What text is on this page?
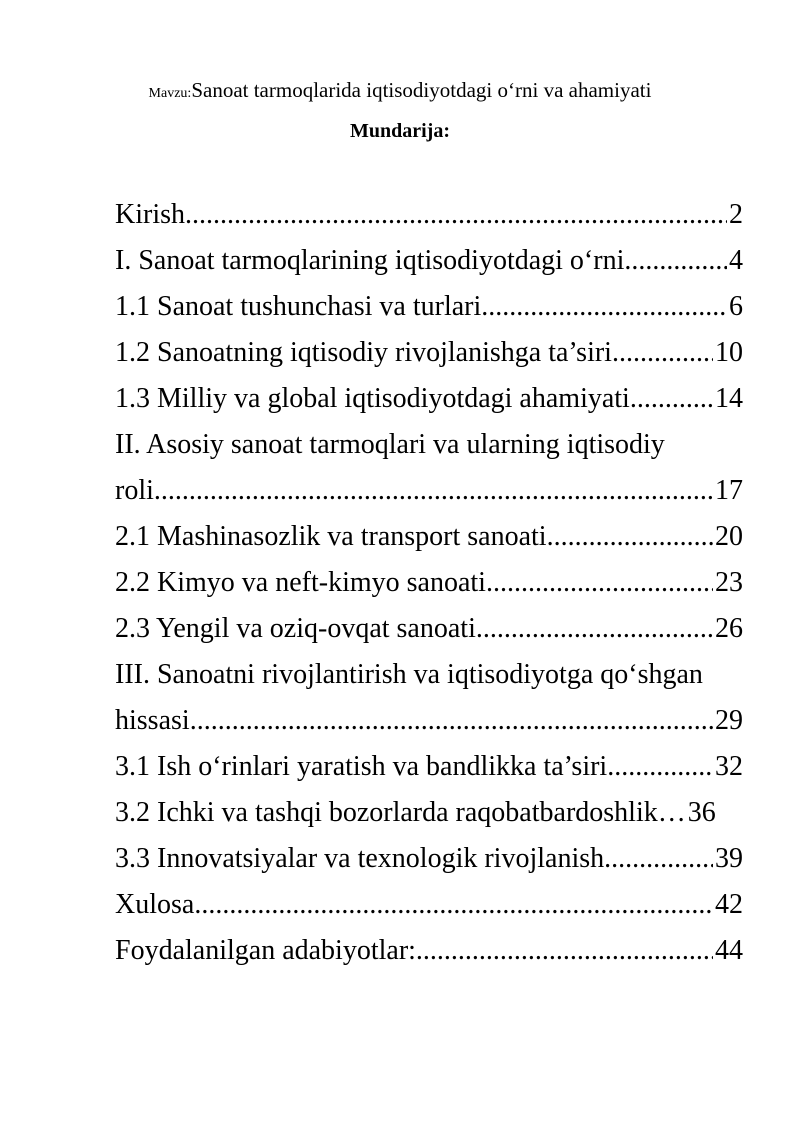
Mavzu:Sanoat tarmoqlarida iqtisodiyotdagi o‘rni va ahamiyati
Mundarija:
Kirish .....	2
I. Sanoat tarmoqlarining iqtisodiyotdagi o‘rni .....	4
1.1 Sanoat tushunchasi va turlari .....	6
1.2 Sanoatning iqtisodiy rivojlanishga ta’siri .....	10
1.3 Milliy va global iqtisodiyotdagi ahamiyati .....	14
II. Asosiy sanoat tarmoqlari va ularning iqtisodiy
roli .....	17
2.1 Mashinasozlik va transport sanoati .....	20
2.2 Kimyo va neft-kimyo sanoati .....	23
2.3 Yengil va oziq-ovqat sanoati .....	26
III. Sanoatni rivojlantirish va iqtisodiyotga qo‘shgan
hissasi .....	29
3.1 Ish o‘rinlari yaratish va bandlikka ta’siri .....	32
3.2 Ichki va tashqi bozorlarda raqobatbardoshlik… 36
3.3 Innovatsiyalar va texnologik rivojlanish .....	39
Xulosa .....	42
Foydalanilgan adabiyotlar: .....	44
